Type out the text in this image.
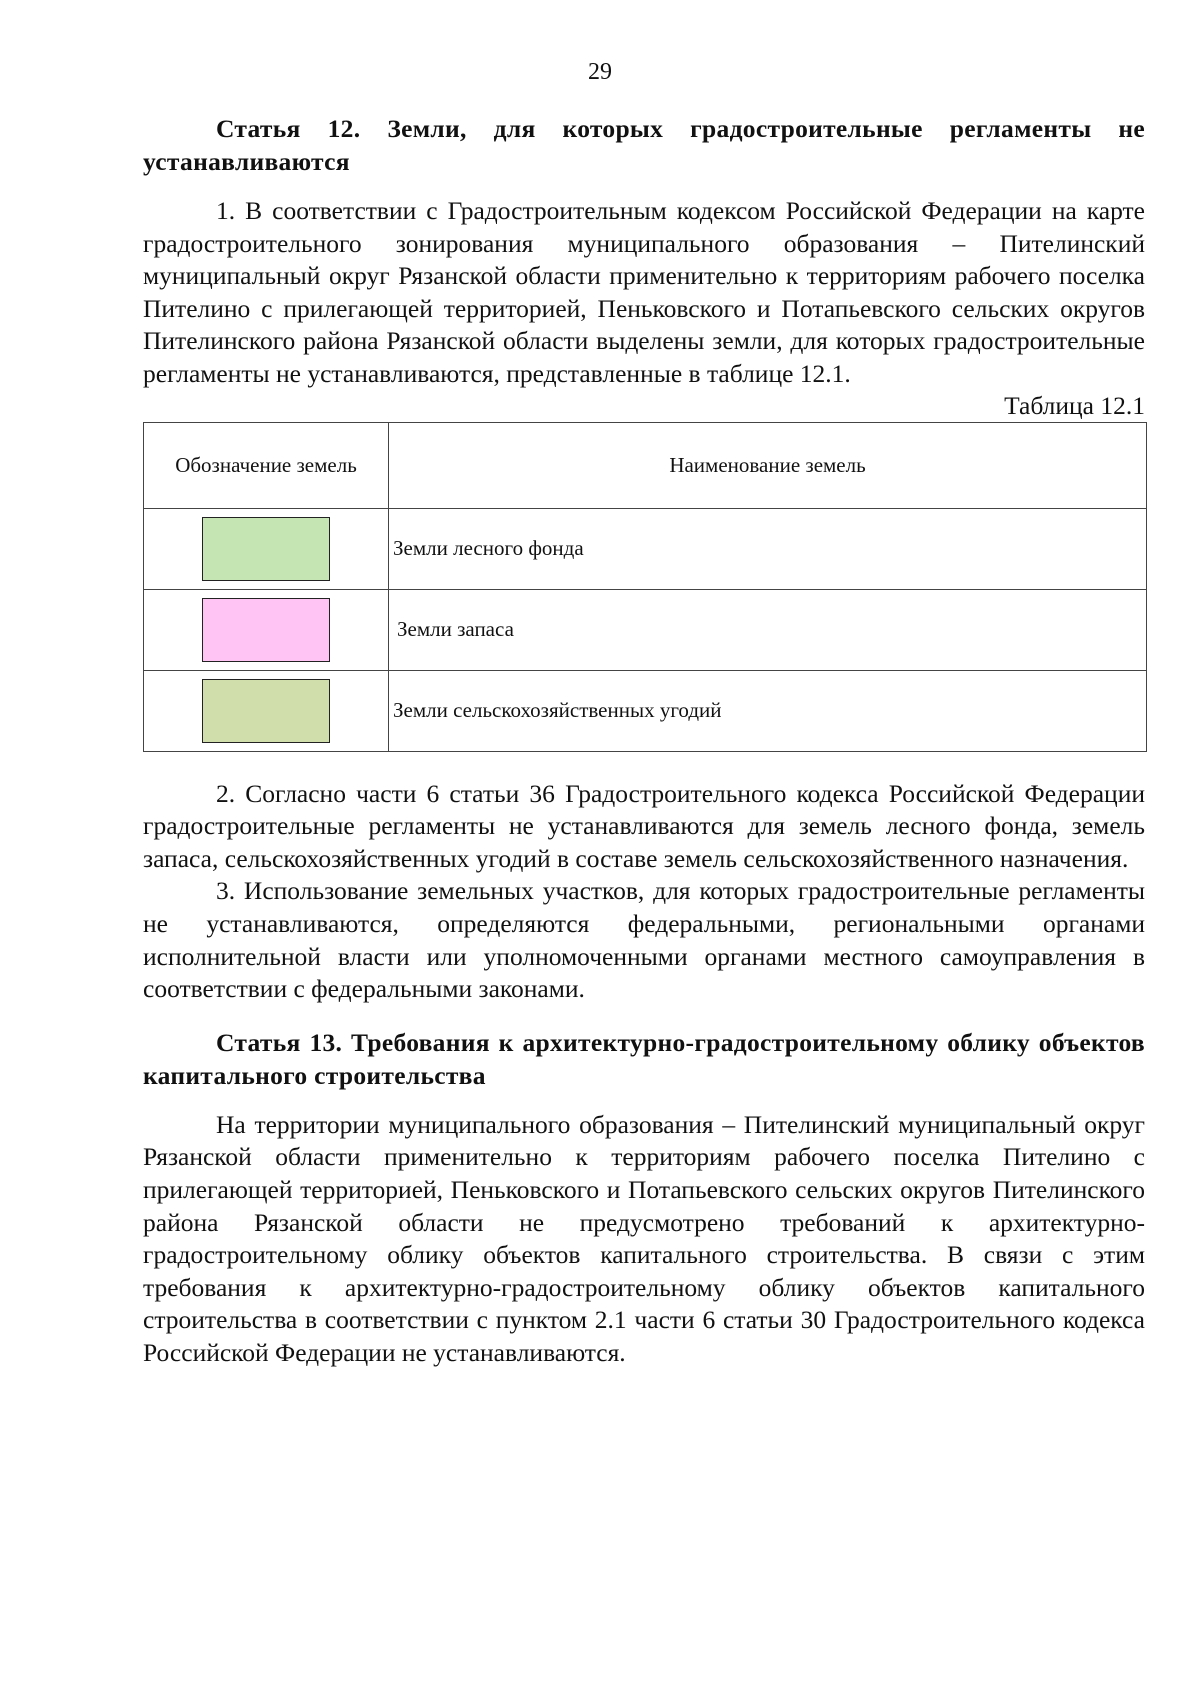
29

Статья 12. Земли, для которых градостроительные регламенты не устанавливаются

1. В соответствии с Градостроительным кодексом Российской Федерации на карте градостроительного зонирования муниципального образования – Пителинский муниципальный округ Рязанской области применительно к территориям рабочего поселка Пителино с прилегающей территорией, Пеньковского и Потапьевского сельских округов Пителинского района Рязанской области выделены земли, для которых градостроительные регламенты не устанавливаются, представленные в таблице 12.1.

Таблица 12.1

Обозначение земель	Наименование земель

	Земли лесного фонда

	Земли запаса

	Земли сельскохозяйственных угодий

2. Согласно части 6 статьи 36 Градостроительного кодекса Российской Федерации градостроительные регламенты не устанавливаются для земель лесного фонда, земель запаса, сельскохозяйственных угодий в составе земель сельскохозяйственного назначения.

3. Использование земельных участков, для которых градостроительные регламенты не устанавливаются, определяются федеральными, региональными органами исполнительной власти или уполномоченными органами местного самоуправления в соответствии с федеральными законами.

Статья 13. Требования к архитектурно-градостроительному облику объектов капитального строительства

На территории муниципального образования – Пителинский муниципальный округ Рязанской области применительно к территориям рабочего поселка Пителино с прилегающей территорией, Пеньковского и Потапьевского сельских округов Пителинского района Рязанской области не предусмотрено требований к архитектурно-градостроительному облику объектов капитального строительства. В связи с этим требования к архитектурно-градостроительному облику объектов капитального строительства в соответствии с пунктом 2.1 части 6 статьи 30 Градостроительного кодекса Российской Федерации не устанавливаются.
